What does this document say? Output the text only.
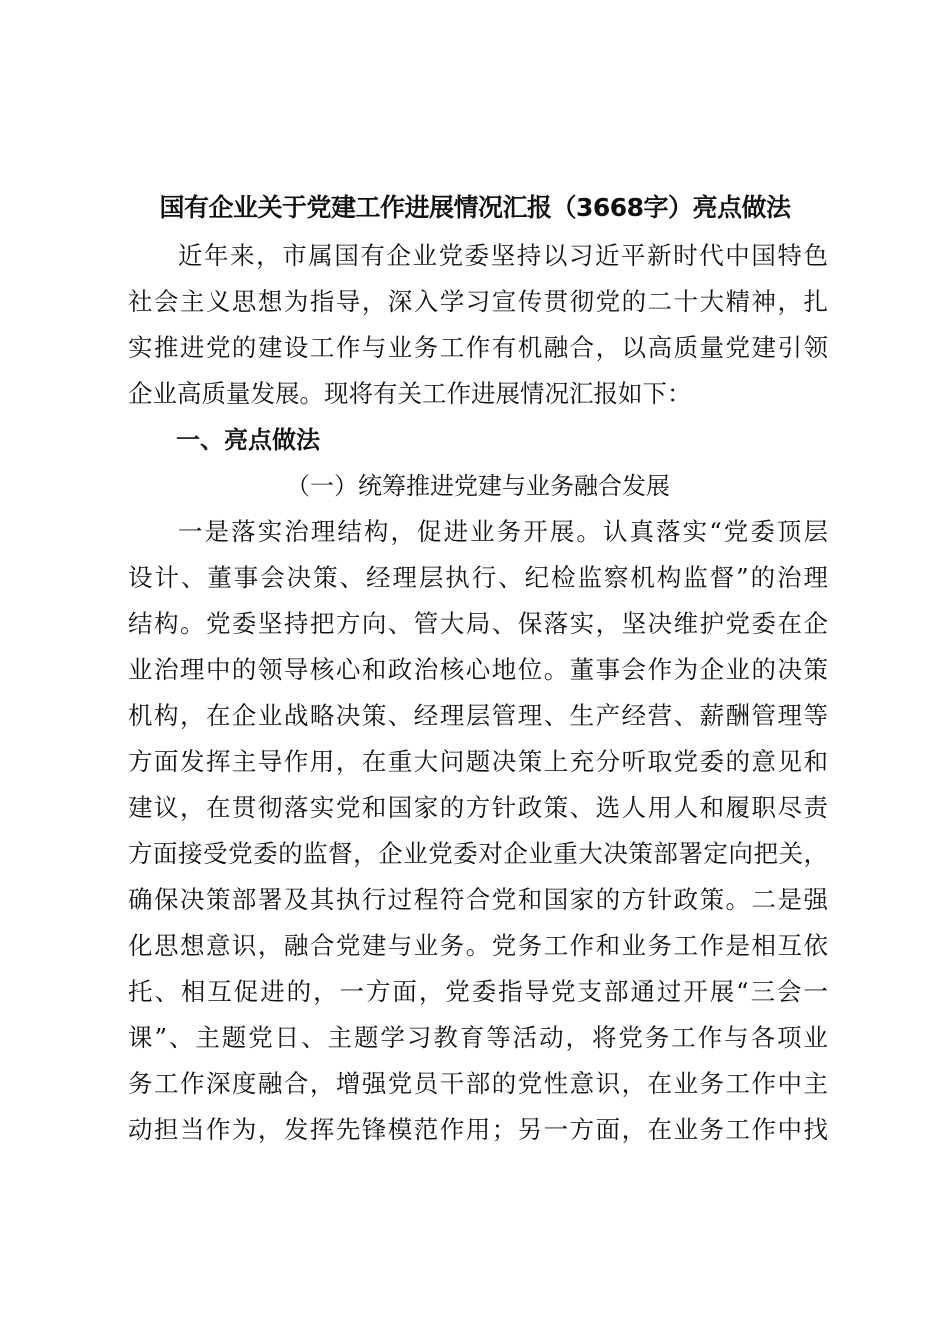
国有企业关于党建工作进展情况汇报（3668字）亮点做法
近年来，市属国有企业党委坚持以习近平新时代中国特色
社会主义思想为指导，深入学习宣传贯彻党的二十大精神，扎
实推进党的建设工作与业务工作有机融合，以高质量党建引领
企业高质量发展。现将有关工作进展情况汇报如下：
一、亮点做法
（一）统筹推进党建与业务融合发展
一是落实治理结构，促进业务开展。认真落实“党委顶层
设计、董事会决策、经理层执行、纪检监察机构监督”的治理
结构。党委坚持把方向、管大局、保落实，坚决维护党委在企
业治理中的领导核心和政治核心地位。董事会作为企业的决策
机构，在企业战略决策、经理层管理、生产经营、薪酬管理等
方面发挥主导作用，在重大问题决策上充分听取党委的意见和
建议，在贯彻落实党和国家的方针政策、选人用人和履职尽责
方面接受党委的监督，企业党委对企业重大决策部署定向把关，
确保决策部署及其执行过程符合党和国家的方针政策。二是强
化思想意识，融合党建与业务。党务工作和业务工作是相互依
托、相互促进的，一方面，党委指导党支部通过开展“三会一
课”、主题党日、主题学习教育等活动，将党务工作与各项业
务工作深度融合，增强党员干部的党性意识，在业务工作中主
动担当作为，发挥先锋模范作用；另一方面，在业务工作中找
